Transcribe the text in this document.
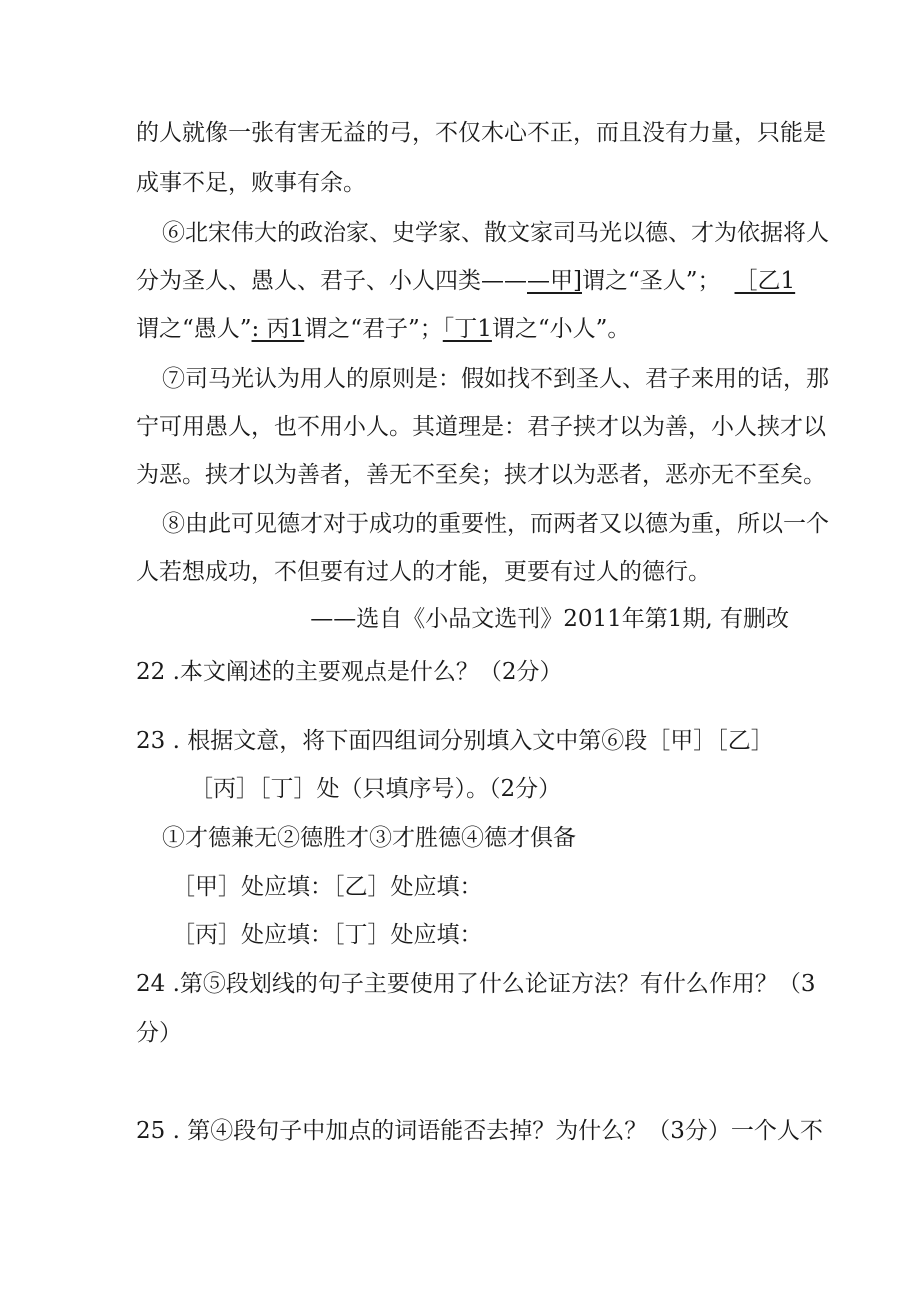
的人就像一张有害无益的弓，不仅木心不正，而且没有力量，只能是
成事不足，败事有余。
⑥北宋伟大的政治家、史学家、散文家司马光以德、才为依据将人
分为圣人、愚人、君子、小人四类———甲]谓之“圣人”； ［乙1
谓之“愚人”: 丙1谓之“君子”；「丁1谓之“小人”。
⑦司马光认为用人的原则是：假如找不到圣人、君子来用的话，那
宁可用愚人，也不用小人。其道理是：君子挟才以为善，小人挟才以
为恶。挟才以为善者，善无不至矣；挟才以为恶者，恶亦无不至矣。
⑧由此可见德才对于成功的重要性，而两者又以德为重，所以一个
人若想成功，不但要有过人的才能，更要有过人的德行。
——选自《小品文选刊》2011年第1期, 有删改
22 .本文阐述的主要观点是什么？（2分）
23 . 根据文意，将下面四组词分别填入文中第⑥段［甲］［乙］
［丙］［丁］处（只填序号）。（2分）
①才德兼无②德胜才③才胜德④德才俱备
［甲］处应填：［乙］处应填：
［丙］处应填：［丁］处应填：
24 .第⑤段划线的句子主要使用了什么论证方法？有什么作用？（3
分）
25 . 第④段句子中加点的词语能否去掉？为什么？（3分）一个人不
